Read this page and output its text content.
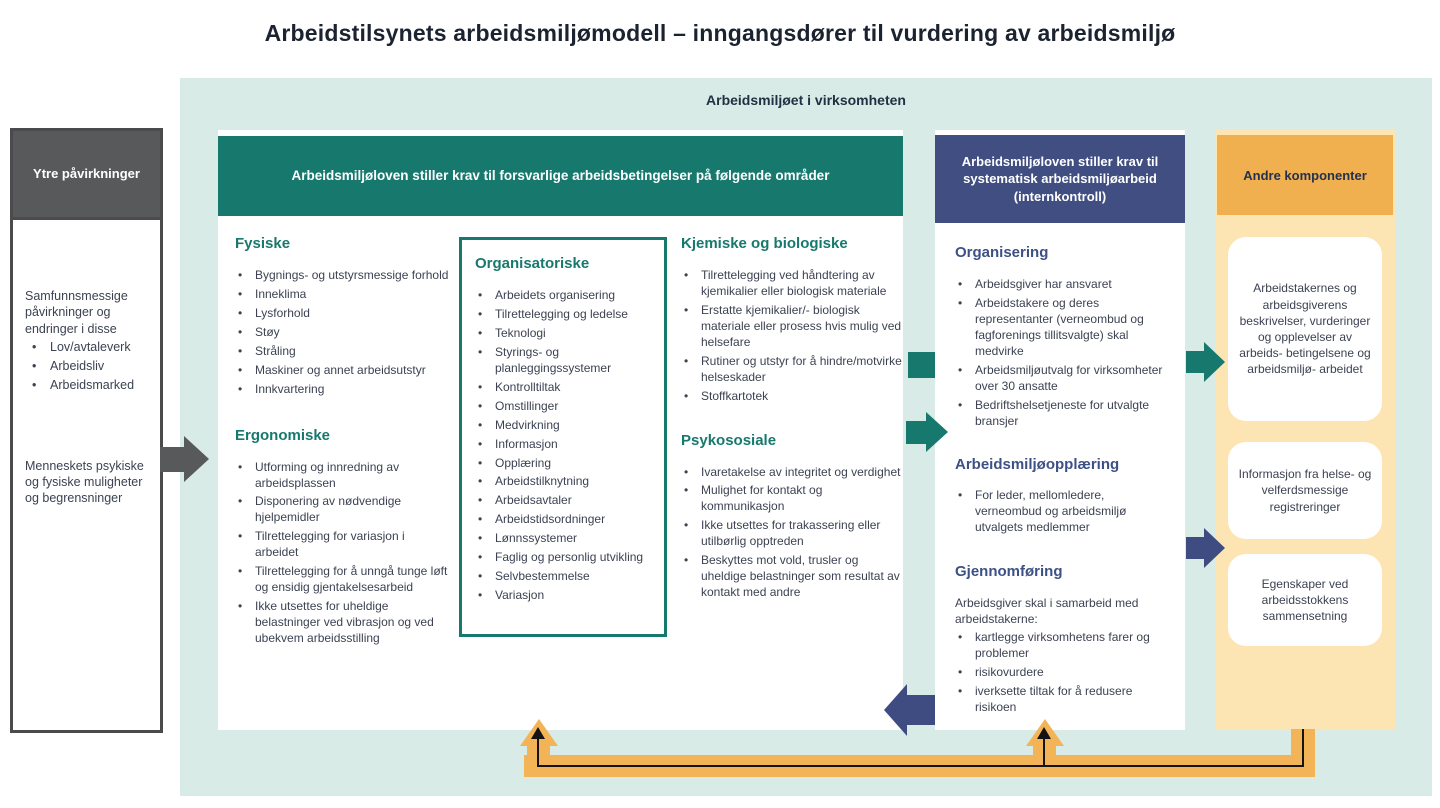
Arbeidstilsynets arbeidsmiljømodell – inngangsdører til vurdering av arbeidsmiljø
Arbeidsmiljøet i virksomheten
Ytre påvirkninger

Samfunnsmessige påvirkninger og endringer i disse

• Lov/avtaleverk
• Arbeidsliv
• Arbeidsmarked

Menneskets psykiske og fysiske muligheter og begrensninger

Arbeidsmiljøloven stiller krav til forsvarlige arbeidsbetingelser på følgende områder
Fysiske
• Bygnings- og utstyrsmessige forhold
• Inneklima
• Lysforhold
• Støy
• Stråling
• Maskiner og annet arbeidsutstyr
• Innkvartering
Ergonomiske
• Utforming og innredning av arbeidsplassen
• Disponering av nødvendige hjelpemidler
• Tilrettelegging for variasjon i arbeidet
• Tilrettelegging for å unngå tunge løft og ensidig gjentakelsesarbeid
• Ikke utsettes for uheldige belastninger ved vibrasjon og ved ubekvem arbeidsstilling
Organisatoriske
• Arbeidets organisering
• Tilrettelegging og ledelse
• Teknologi
• Styrings- og planleggingssystemer
• Kontrolltiltak
• Omstillinger
• Medvirkning
• Informasjon
• Opplæring
• Arbeidstilknytning
• Arbeidsavtaler
• Arbeidstidsordninger
• Lønnssystemer
• Faglig og personlig utvikling
• Selvbestemmelse
• Variasjon
Kjemiske og biologiske
• Tilrettelegging ved håndtering av kjemikalier eller biologisk materiale
• Erstatte kjemikalier/- biologisk materiale eller prosess hvis mulig ved helsefare
• Rutiner og utstyr for å hindre/motvirke helseskader
• Stoffkartotek
Psykososiale
• Ivaretakelse av integritet og verdighet
• Mulighet for kontakt og kommunikasjon
• Ikke utsettes for trakassering eller utilbørlig opptreden
• Beskyttes mot vold, trusler og uheldige belastninger som resultat av kontakt med andre
Arbeidsmiljøloven stiller krav til systematisk arbeidsmiljøarbeid (internkontroll)
Organisering
• Arbeidsgiver har ansvaret
• Arbeidstakere og deres representanter (verneombud og fagforenings tillitsvalgte) skal medvirke
• Arbeidsmiljøutvalg for virksomheter over 30 ansatte
• Bedriftshelsetjeneste for utvalgte bransjer
Arbeidsmiljøopplæring
• For leder, mellomledere, verneombud og arbeidsmiljø utvalgets medlemmer
Gjennomføring

Arbeidsgiver skal i samarbeid med arbeidstakerne:

• kartlegge virksomhetens farer og problemer
• risikovurdere
• iverksette tiltak for å redusere risikoen
Andre komponenter
Arbeidstakernes og arbeidsgiverens beskrivelser, vurderinger og opplevelser av arbeids- betingelsene og arbeidsmiljø- arbeidet
Informasjon fra helse- og velferdsmessige registreringer
Egenskaper ved arbeidsstokkens sammensetning
